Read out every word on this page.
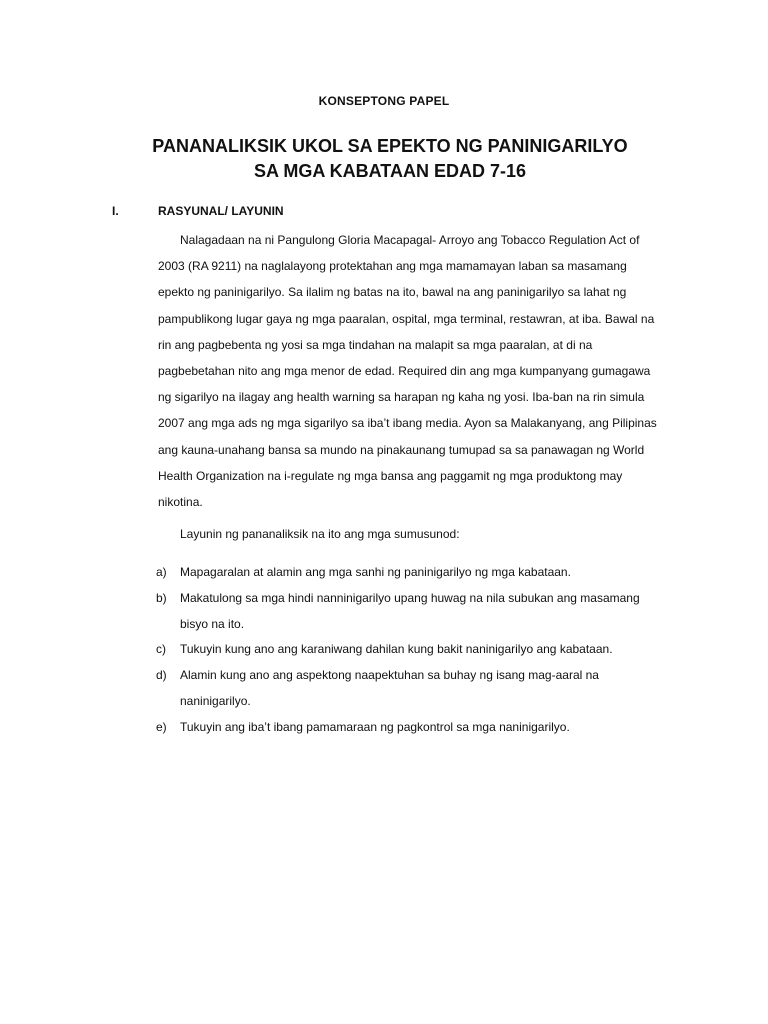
KONSEPTONG PAPEL
PANANALIKSIK UKOL SA EPEKTO NG PANINIGARILYO SA MGA KABATAAN EDAD 7-16
I.	RASYUNAL/ LAYUNIN

Nalagadaan na ni Pangulong Gloria Macapagal- Arroyo ang Tobacco Regulation Act of 2003 (RA 9211) na naglalayong protektahan ang mga mamamayan laban sa masamang epekto ng paninigarilyo. Sa ilalim ng batas na ito, bawal na ang paninigarilyo sa lahat ng pampublikong lugar gaya ng mga paaralan, ospital, mga terminal, restawran, at iba. Bawal na rin ang pagbebenta ng yosi sa mga tindahan na malapit sa mga paaralan, at di na pagbebetahan nito ang mga menor de edad. Required din ang mga kumpanyang gumagawa ng sigarilyo na ilagay ang health warning sa harapan ng kaha ng yosi. Iba-ban na rin simula 2007 ang mga ads ng mga sigarilyo sa iba’t ibang media. Ayon sa Malakanyang, ang Pilipinas ang kauna-unahang bansa sa mundo na pinakaunang tumupad sa sa panawagan ng World Health Organization na i-regulate ng mga bansa ang paggamit ng mga produktong may nikotina.

Layunin ng pananaliksik na ito ang mga sumusunod:
a) Mapagaralan at alamin ang mga sanhi ng paninigarilyo ng mga kabataan.
b) Makatulong sa mga hindi nanninigarilyo upang huwag na nila subukan ang masamang bisyo na ito.
c) Tukuyin kung ano ang karaniwang dahilan kung bakit naninigarilyo ang kabataan.
d) Alamin kung ano ang aspektong naapektuhan sa buhay ng isang mag-aaral na naninigarilyo.
e) Tukuyin ang iba’t ibang pamamaraan ng pagkontrol sa mga naninigarilyo.
